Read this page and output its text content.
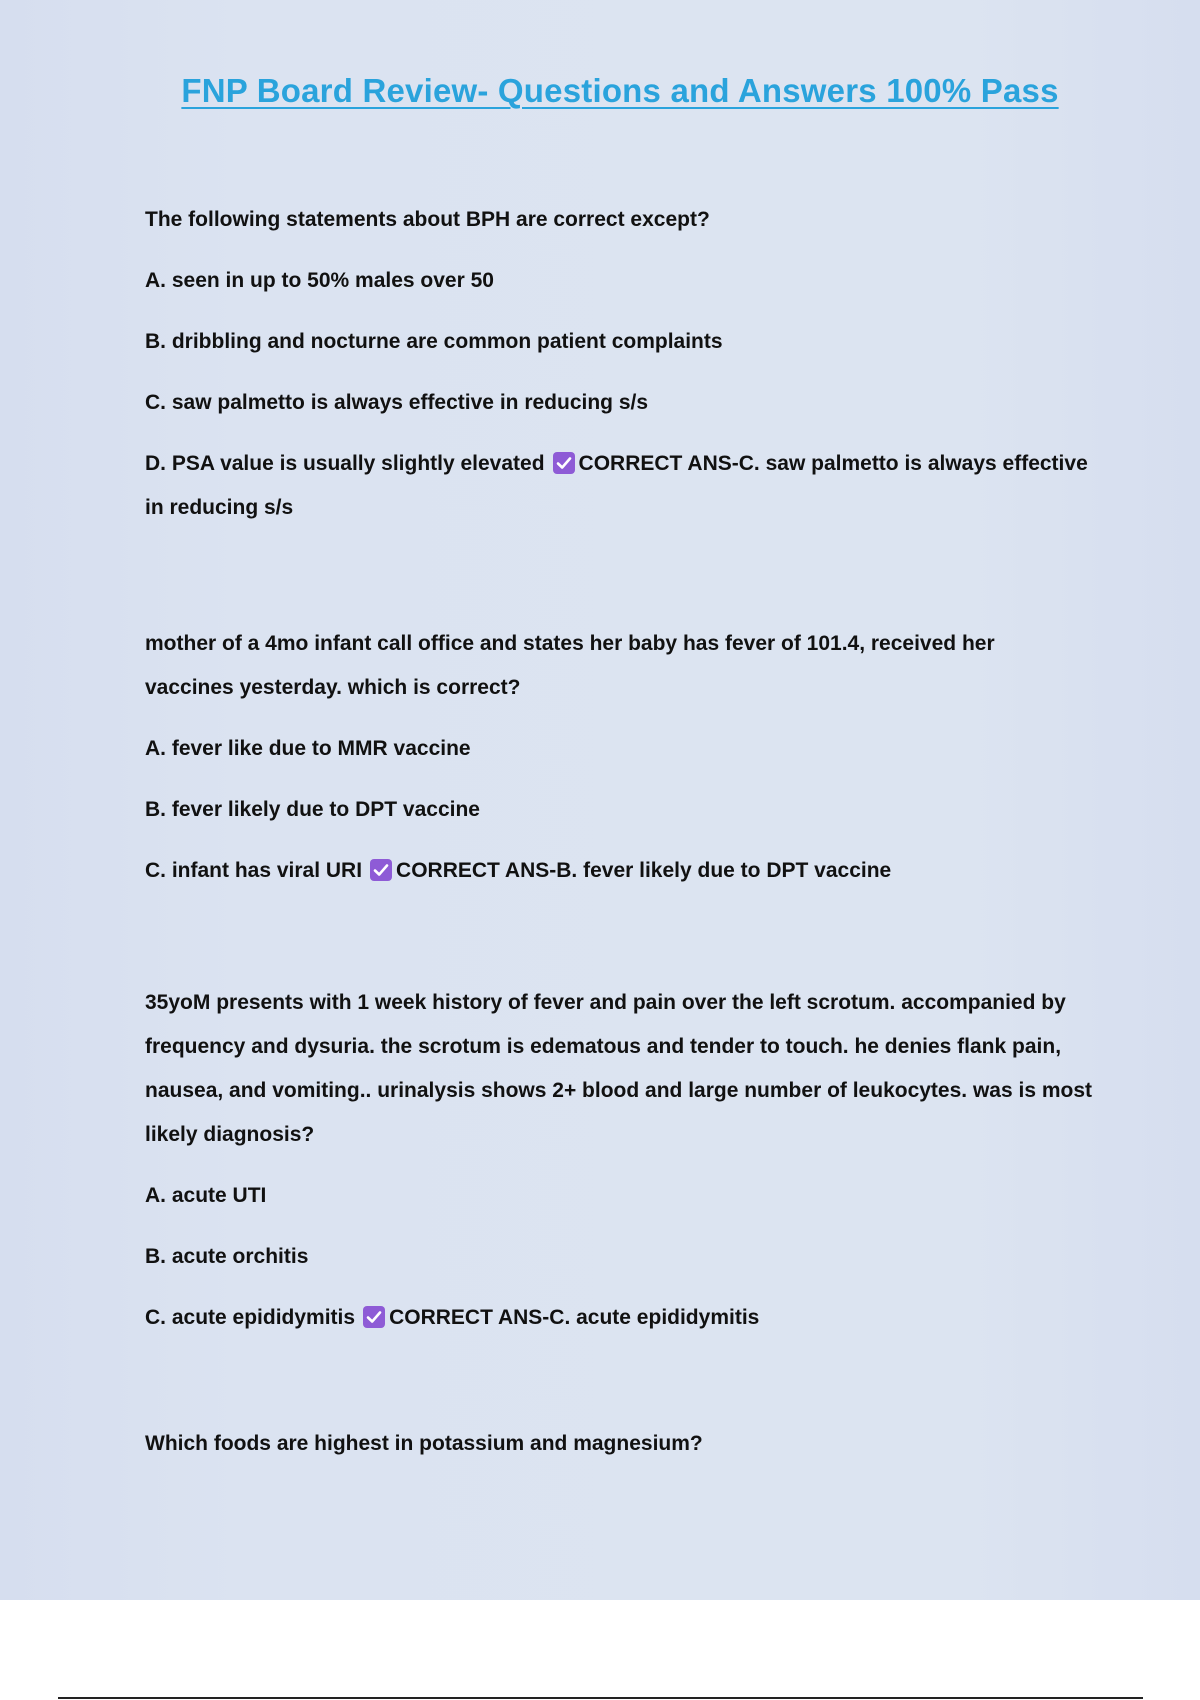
FNP Board Review- Questions and Answers 100% Pass

The following statements about BPH are correct except?

A. seen in up to 50% males over 50

B. dribbling and nocturne are common patient complaints

C. saw palmetto is always effective in reducing s/s

D. PSA value is usually slightly elevated CORRECT ANS-C. saw palmetto is always effective

in reducing s/s

mother of a 4mo infant call office and states her baby has fever of 101.4, received her

vaccines yesterday. which is correct?

A. fever like due to MMR vaccine

B. fever likely due to DPT vaccine

C. infant has viral URI CORRECT ANS-B. fever likely due to DPT vaccine

35yoM presents with 1 week history of fever and pain over the left scrotum. accompanied by

frequency and dysuria. the scrotum is edematous and tender to touch. he denies flank pain,

nausea, and vomiting.. urinalysis shows 2+ blood and large number of leukocytes. was is most

likely diagnosis?

A. acute UTI

B. acute orchitis

C. acute epididymitis CORRECT ANS-C. acute epididymitis

Which foods are highest in potassium and magnesium?
